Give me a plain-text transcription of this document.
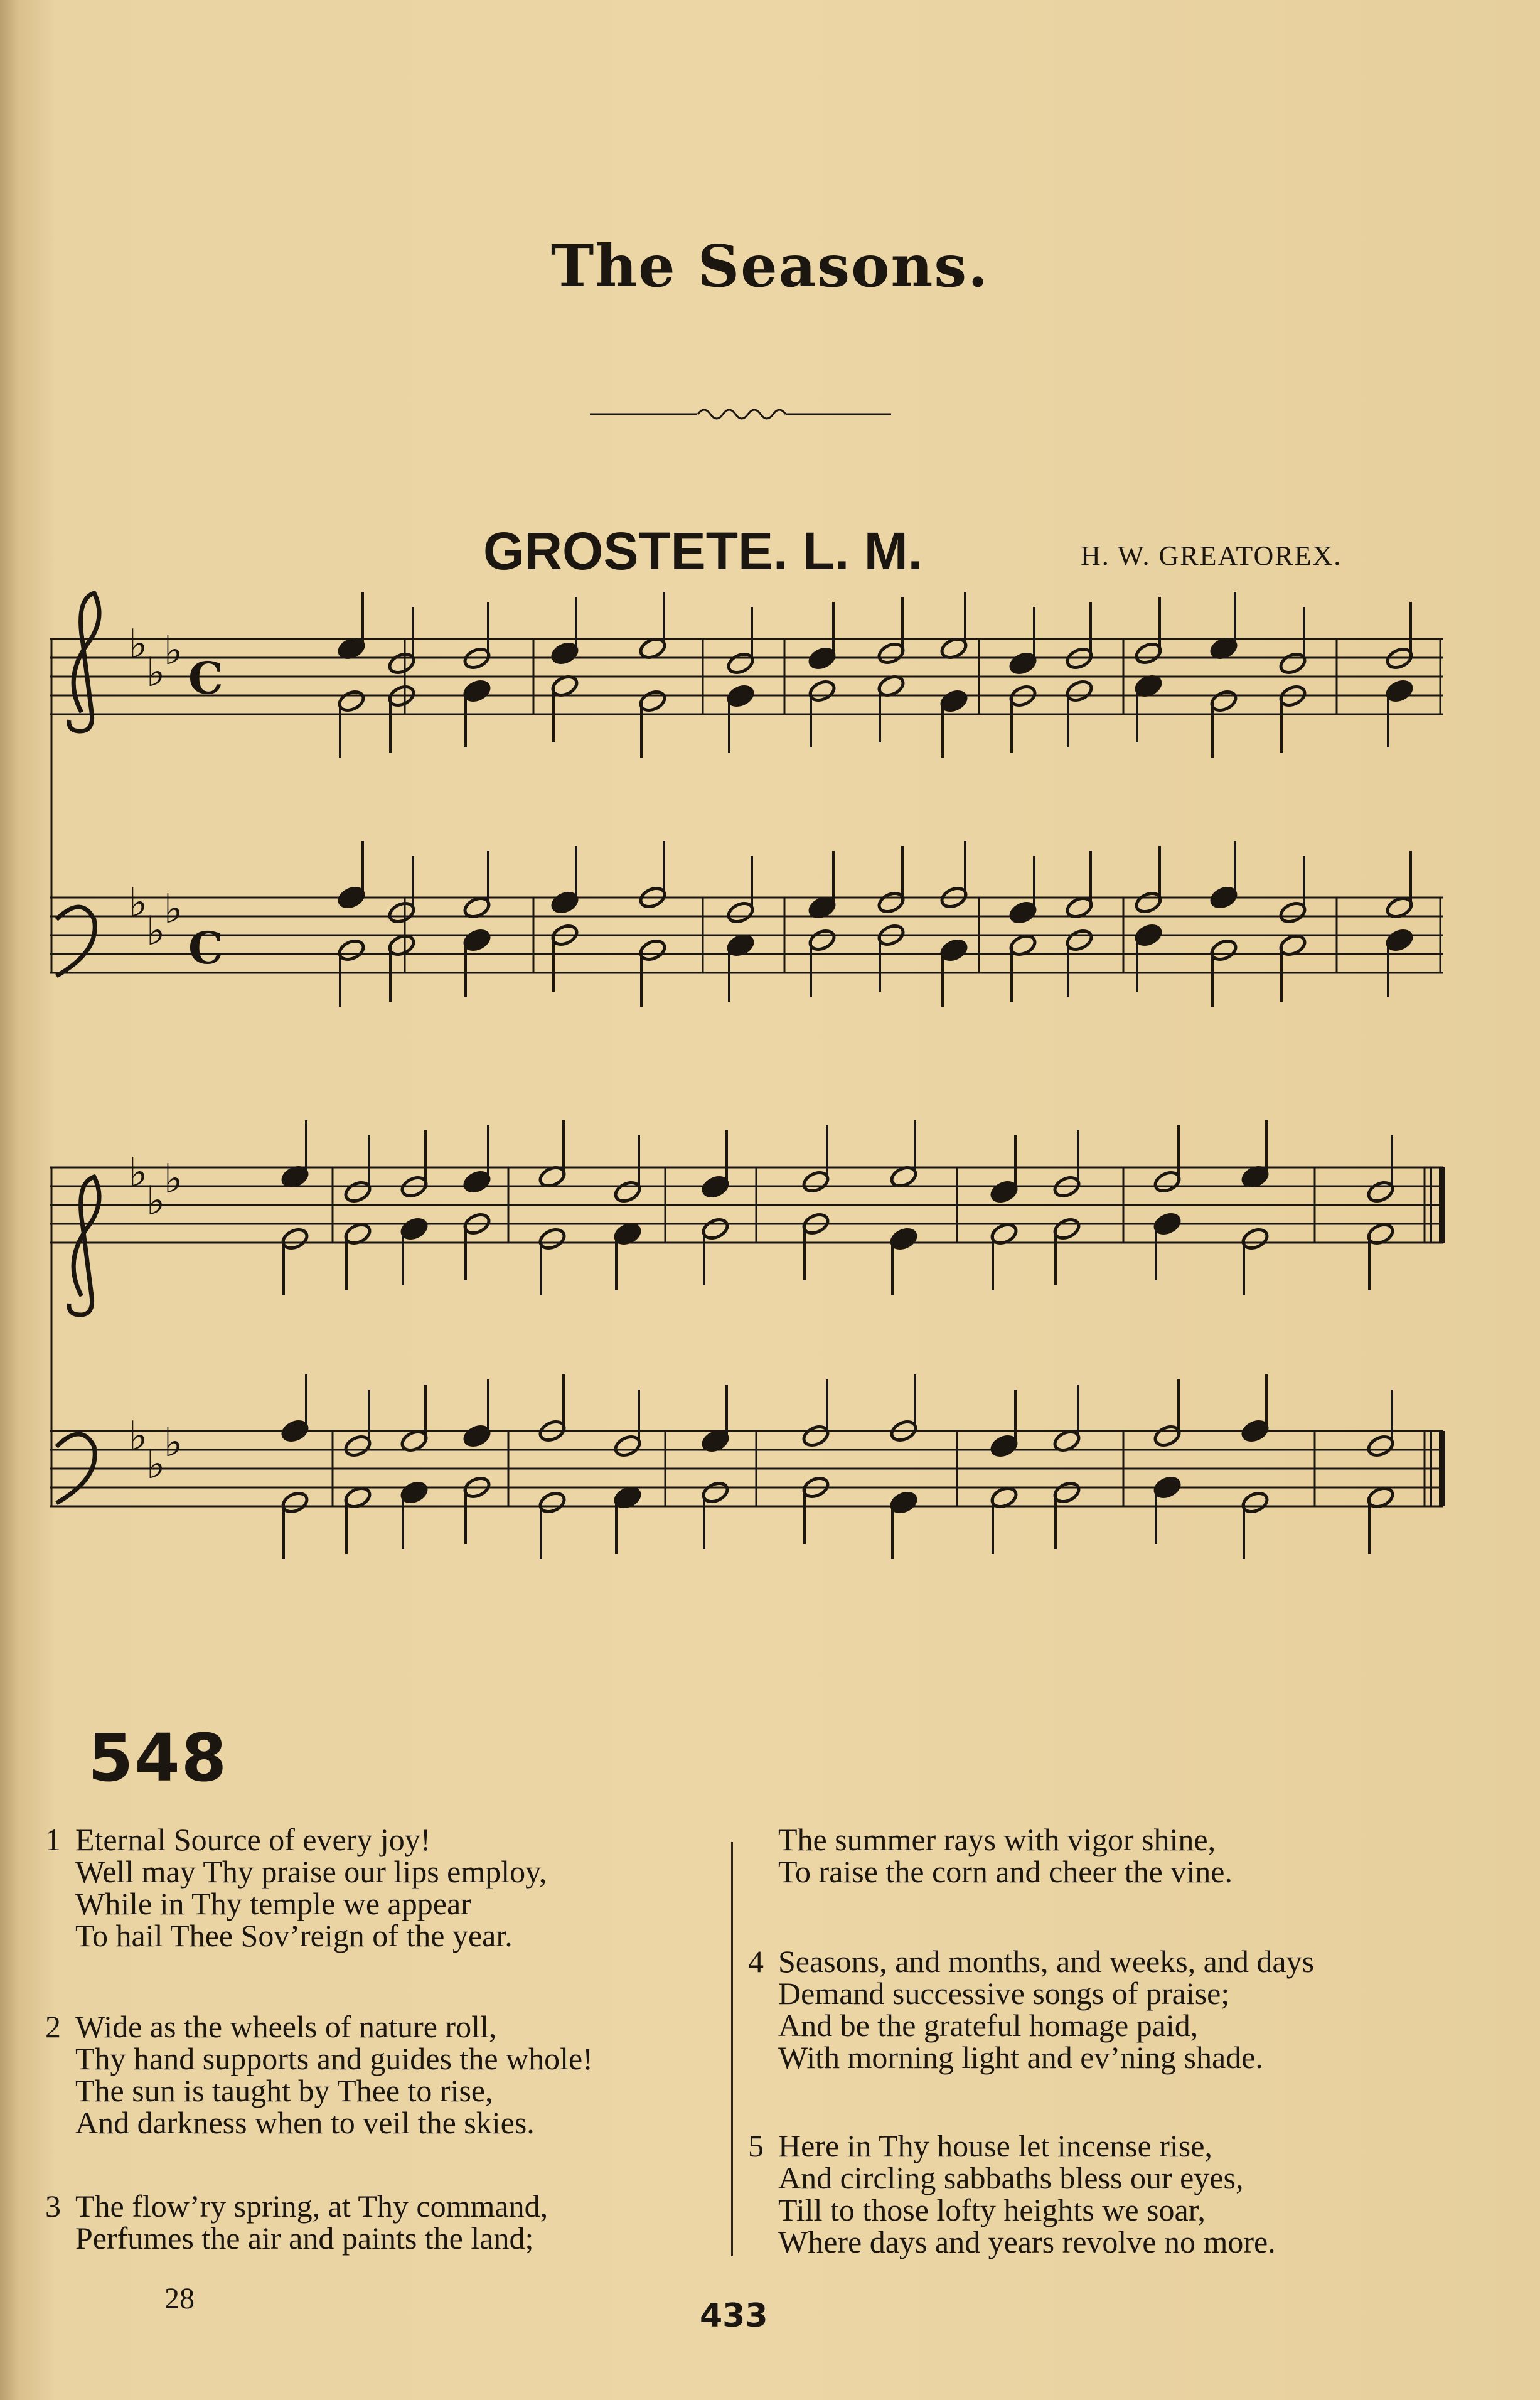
The Seasons.
GROSTETE. L. M.	H. W. GREATOREX.
♭
♭
♭
♭
♭
♭
♭
♭
♭
♭
♭
♭
C
C
548
1 Eternal Source of every joy!
Well may Thy praise our lips employ,
While in Thy temple we appear
To hail Thee Sov’reign of the year.
2 Wide as the wheels of nature roll,
Thy hand supports and guides the whole!
The sun is taught by Thee to rise,
And darkness when to veil the skies.
3 The flow’ry spring, at Thy command,
Perfumes the air and paints the land;
The summer rays with vigor shine,
To raise the corn and cheer the vine.
4 Seasons, and months, and weeks, and days
Demand successive songs of praise;
And be the grateful homage paid,
With morning light and ev’ning shade.
5 Here in Thy house let incense rise,
And circling sabbaths bless our eyes,
Till to those lofty heights we soar,
Where days and years revolve no more.
28	433
